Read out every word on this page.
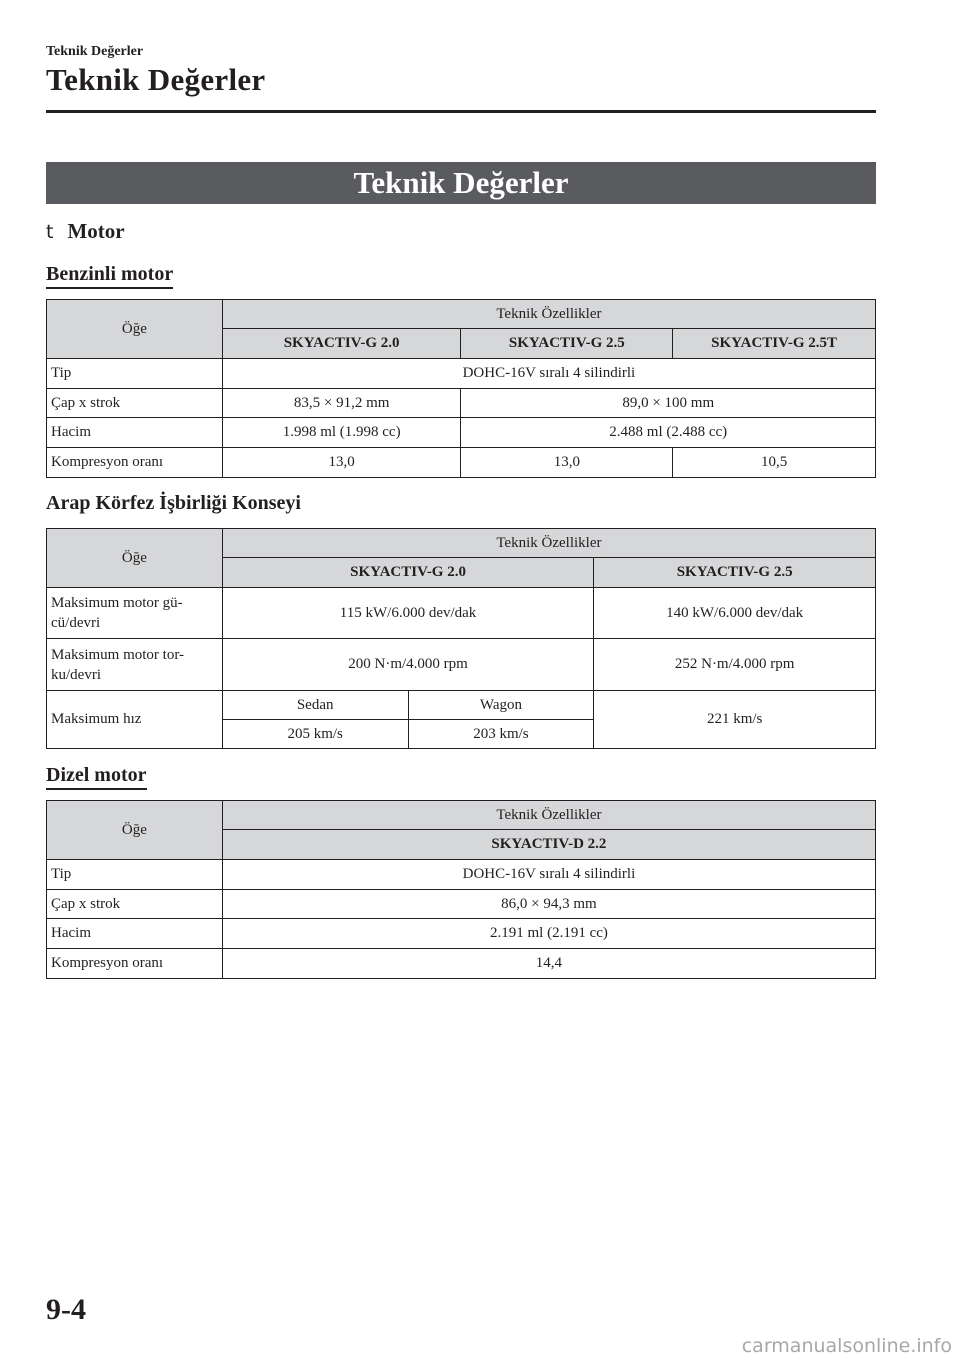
Teknik Değerler
Teknik Değerler
Teknik Değerler
t Motor
Benzinli motor
Öğe	Teknik Özellikler		
	SKYACTIV-G 2.0	SKYACTIV-G 2.5	SKYACTIV-G 2.5T
Tip	DOHC-16V sıralı 4 silindirli		
Çap x strok	83,5 × 91,2 mm	89,0 × 100 mm	
Hacim	1.998 ml (1.998 cc)	2.488 ml (2.488 cc)	
Kompresyon oranı	13,0	13,0	10,5
Arap Körfez İşbirliği Konseyi
Öğe	Teknik Özellikler		
	SKYACTIV-G 2.0		SKYACTIV-G 2.5
Maksimum motor gü-
cü/devri	115 kW/6.000 dev/dak		140 kW/6.000 dev/dak
Maksimum motor tor-
ku/devri	200 N·m/4.000 rpm		252 N·m/4.000 rpm
Maksimum hız	Sedan	Wagon	221 km/s
	205 km/s	203 km/s	
Dizel motor
Öğe	Teknik Özellikler
	SKYACTIV-D 2.2
Tip	DOHC-16V sıralı 4 silindirli
Çap x strok	86,0 × 94,3 mm
Hacim	2.191 ml (2.191 cc)
Kompresyon oranı	14,4
9-4
carmanualsonline.info
